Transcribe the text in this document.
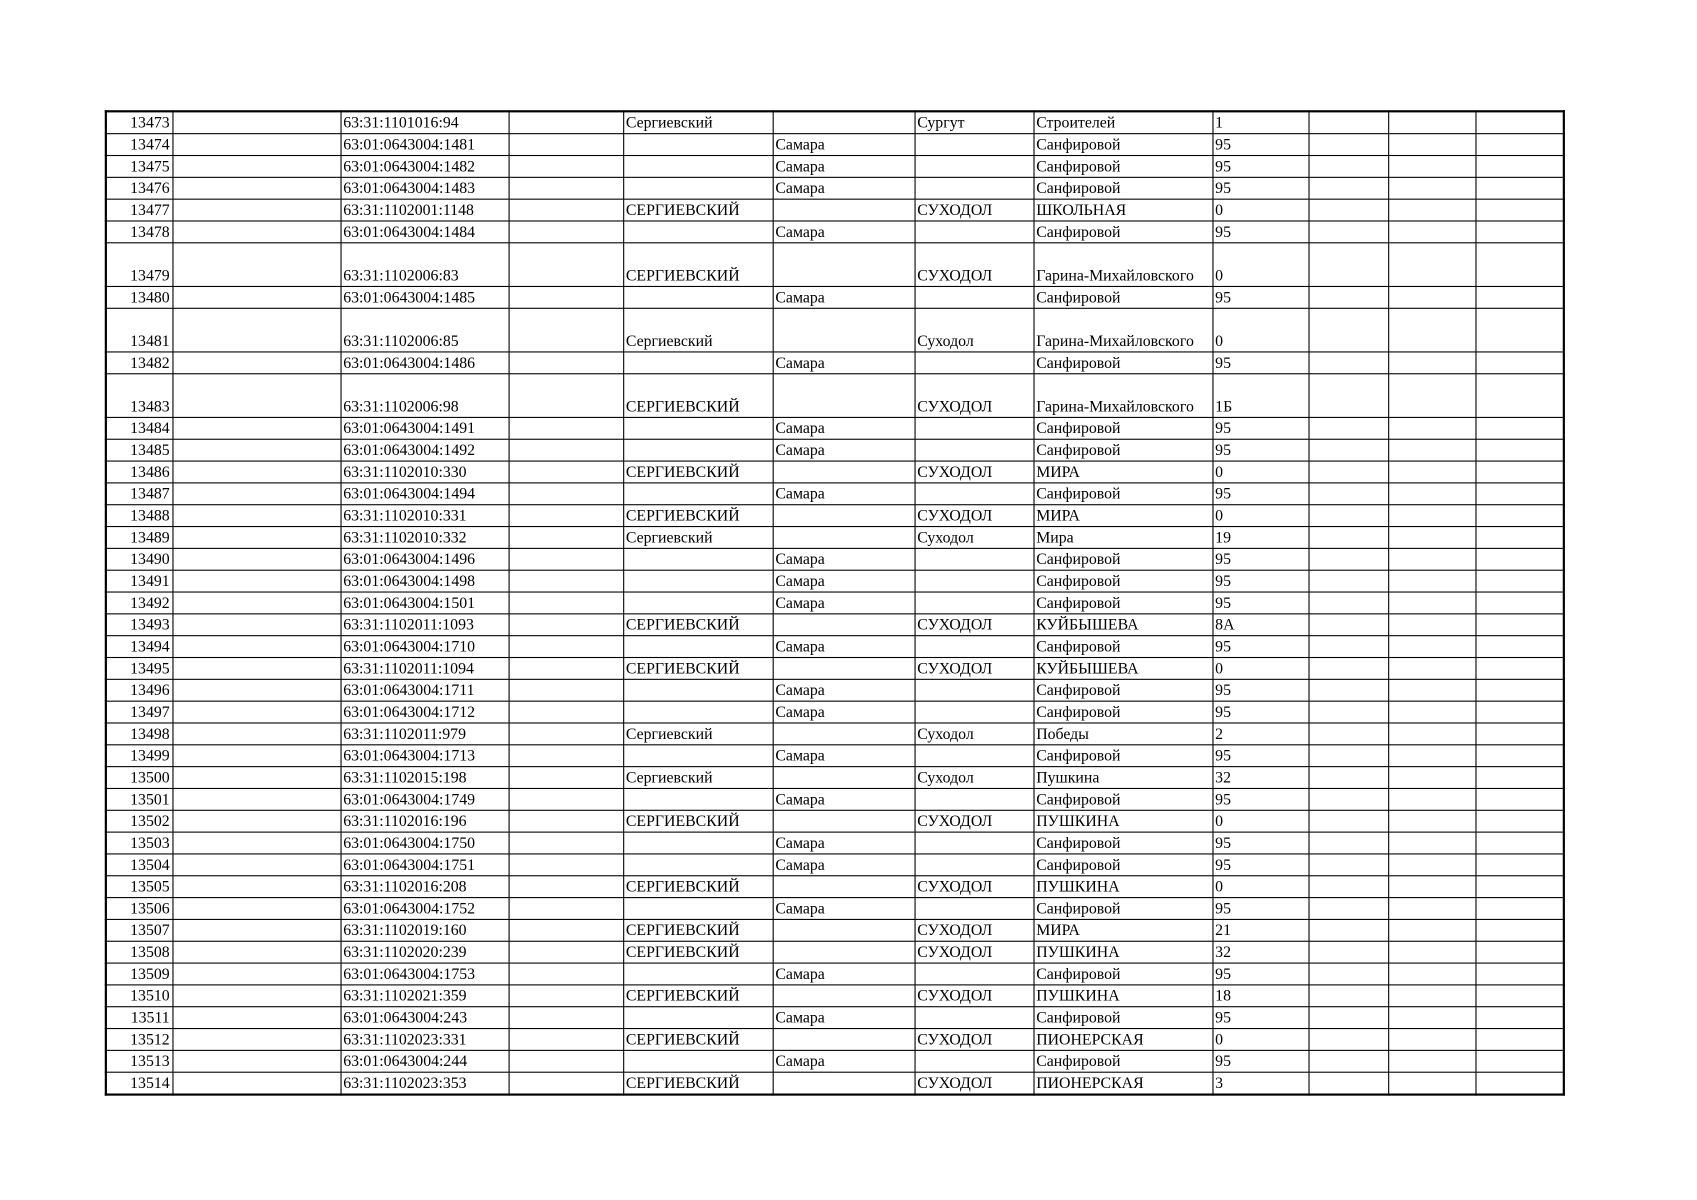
13473		63:31:1101016:94		Сергиевский		Сургут	Строителей	1			
13474		63:01:0643004:1481			Самара		Санфировой	95			
13475		63:01:0643004:1482			Самара		Санфировой	95			
13476		63:01:0643004:1483			Самара		Санфировой	95			
13477		63:31:1102001:1148		СЕРГИЕВСКИЙ		СУХОДОЛ	ШКОЛЬНАЯ	0			
13478		63:01:0643004:1484			Самара		Санфировой	95			
13479		63:31:1102006:83		СЕРГИЕВСКИЙ		СУХОДОЛ	Гарина-Михайловского	0			
13480		63:01:0643004:1485			Самара		Санфировой	95			
13481		63:31:1102006:85		Сергиевский		Суходол	Гарина-Михайловского	0			
13482		63:01:0643004:1486			Самара		Санфировой	95			
13483		63:31:1102006:98		СЕРГИЕВСКИЙ		СУХОДОЛ	Гарина-Михайловского	1Б			
13484		63:01:0643004:1491			Самара		Санфировой	95			
13485		63:01:0643004:1492			Самара		Санфировой	95			
13486		63:31:1102010:330		СЕРГИЕВСКИЙ		СУХОДОЛ	МИРА	0			
13487		63:01:0643004:1494			Самара		Санфировой	95			
13488		63:31:1102010:331		СЕРГИЕВСКИЙ		СУХОДОЛ	МИРА	0			
13489		63:31:1102010:332		Сергиевский		Суходол	Мира	19			
13490		63:01:0643004:1496			Самара		Санфировой	95			
13491		63:01:0643004:1498			Самара		Санфировой	95			
13492		63:01:0643004:1501			Самара		Санфировой	95			
13493		63:31:1102011:1093		СЕРГИЕВСКИЙ		СУХОДОЛ	КУЙБЫШЕВА	8А			
13494		63:01:0643004:1710			Самара		Санфировой	95			
13495		63:31:1102011:1094		СЕРГИЕВСКИЙ		СУХОДОЛ	КУЙБЫШЕВА	0			
13496		63:01:0643004:1711			Самара		Санфировой	95			
13497		63:01:0643004:1712			Самара		Санфировой	95			
13498		63:31:1102011:979		Сергиевский		Суходол	Победы	2			
13499		63:01:0643004:1713			Самара		Санфировой	95			
13500		63:31:1102015:198		Сергиевский		Суходол	Пушкина	32			
13501		63:01:0643004:1749			Самара		Санфировой	95			
13502		63:31:1102016:196		СЕРГИЕВСКИЙ		СУХОДОЛ	ПУШКИНА	0			
13503		63:01:0643004:1750			Самара		Санфировой	95			
13504		63:01:0643004:1751			Самара		Санфировой	95			
13505		63:31:1102016:208		СЕРГИЕВСКИЙ		СУХОДОЛ	ПУШКИНА	0			
13506		63:01:0643004:1752			Самара		Санфировой	95			
13507		63:31:1102019:160		СЕРГИЕВСКИЙ		СУХОДОЛ	МИРА	21			
13508		63:31:1102020:239		СЕРГИЕВСКИЙ		СУХОДОЛ	ПУШКИНА	32			
13509		63:01:0643004:1753			Самара		Санфировой	95			
13510		63:31:1102021:359		СЕРГИЕВСКИЙ		СУХОДОЛ	ПУШКИНА	18			
13511		63:01:0643004:243			Самара		Санфировой	95			
13512		63:31:1102023:331		СЕРГИЕВСКИЙ		СУХОДОЛ	ПИОНЕРСКАЯ	0			
13513		63:01:0643004:244			Самара		Санфировой	95			
13514		63:31:1102023:353		СЕРГИЕВСКИЙ		СУХОДОЛ	ПИОНЕРСКАЯ	3			
